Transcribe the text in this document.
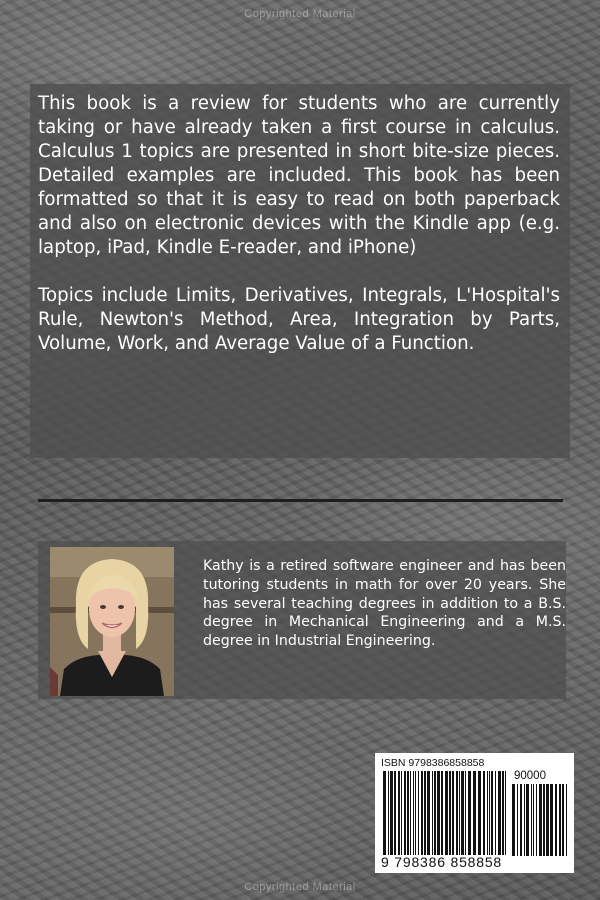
Copyrighted Material

This book is a review for students who are currently taking or have already taken a first course in calculus. Calculus 1 topics are presented in short bite-size pieces. Detailed examples are included. This book has been formatted so that it is easy to read on both paperback and also on electronic devices with the Kindle app (e.g. laptop, iPad, Kindle E-reader, and iPhone)

Topics include Limits, Derivatives, Integrals, L'Hospital's Rule, Newton's Method, Area, Integration by Parts, Volume, Work, and Average Value of a Function.

Kathy is a retired software engineer and has been tutoring students in math for over 20 years. She has several teaching degrees in addition to a B.S. degree in Mechanical Engineering and a M.S. degree in Industrial Engineering.
ISBN 9798386858858
90000
9 798386 858858
Copyrighted Material
